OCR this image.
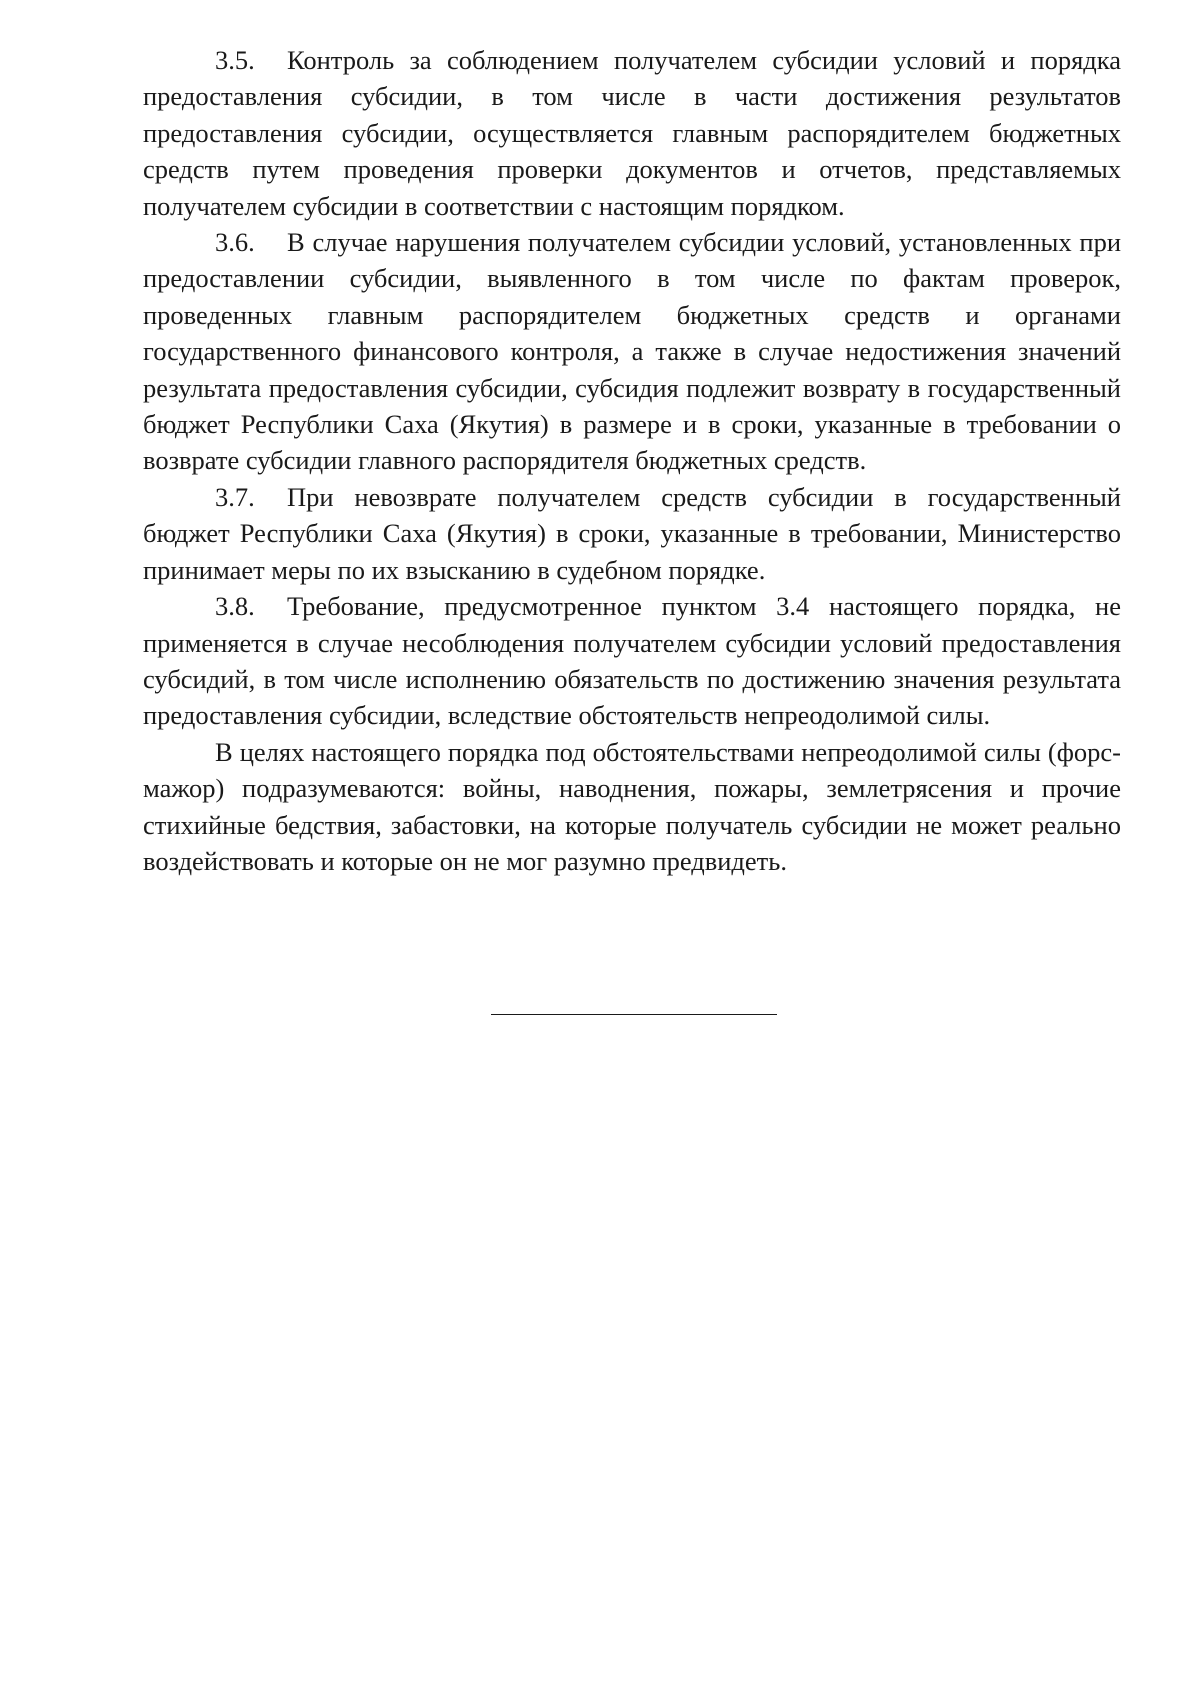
3.5. Контроль за соблюдением получателем субсидии условий и порядка предоставления субсидии, в том числе в части достижения результатов предоставления субсидии, осуществляется главным распорядителем бюджетных средств путем проведения проверки документов и отчетов, представляемых получателем субсидии в соответствии с настоящим порядком.

3.6. В случае нарушения получателем субсидии условий, установленных при предоставлении субсидии, выявленного в том числе по фактам проверок, проведенных главным распорядителем бюджетных средств и органами государственного финансового контроля, а также в случае недостижения значений результата предоставления субсидии, субсидия подлежит возврату в государственный бюджет Республики Саха (Якутия) в размере и в сроки, указанные в требовании о возврате субсидии главного распорядителя бюджетных средств.

3.7. При невозврате получателем средств субсидии в государственный бюджет Республики Саха (Якутия) в сроки, указанные в требовании, Министерство принимает меры по их взысканию в судебном порядке.

3.8. Требование, предусмотренное пунктом 3.4 настоящего порядка, не применяется в случае несоблюдения получателем субсидии условий предоставления субсидий, в том числе исполнению обязательств по достижению значения результата предоставления субсидии, вследствие обстоятельств непреодолимой силы.

В целях настоящего порядка под обстоятельствами непреодолимой силы (форс-мажор) подразумеваются: войны, наводнения, пожары, землетрясения и прочие стихийные бедствия, забастовки, на которые получатель субсидии не может реально воздействовать и которые он не мог разумно предвидеть.
